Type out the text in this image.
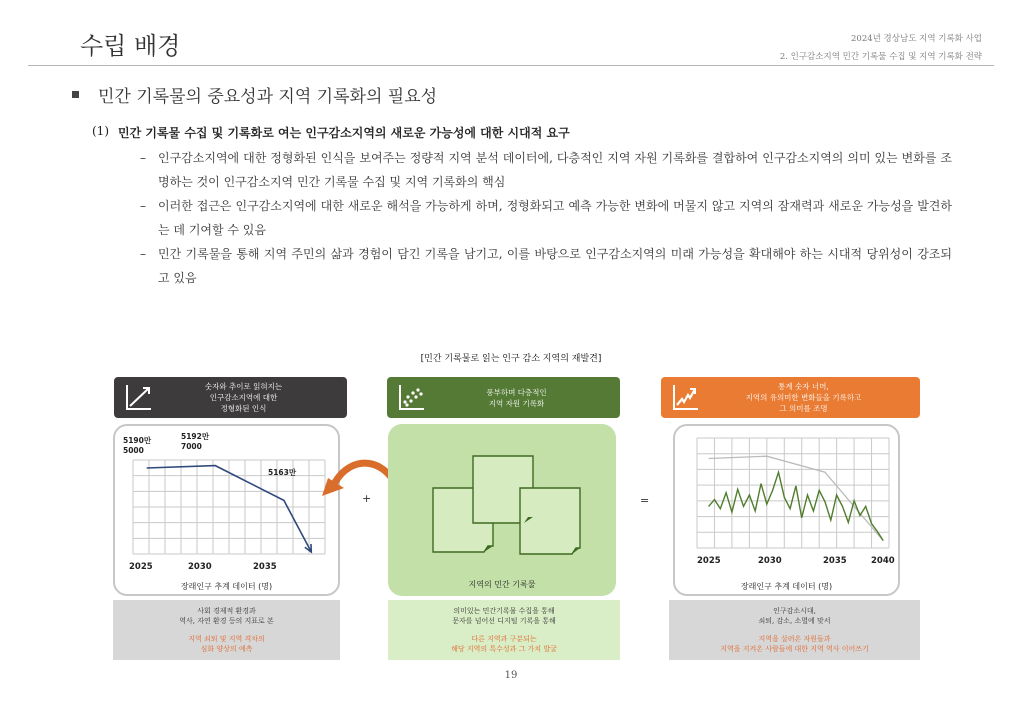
수립 배경	2024년 경상남도 지역 기록화 사업
2. 인구감소지역 민간 기록물 수집 및 지역 기록화 전략
민간 기록물의 중요성과 지역 기록화의 필요성
(1) 민간 기록물 수집 및 기록화로 여는 인구감소지역의 새로운 가능성에 대한 시대적 요구
– 인구감소지역에 대한 정형화된 인식을 보여주는 정량적 지역 분석 데이터에, 다층적인 지역 자원 기록화를 결합하여 인구감소지역의 의미 있는 변화를 조명하는 것이 인구감소지역 민간 기록물 수집 및 지역 기록화의 핵심
– 이러한 접근은 인구감소지역에 대한 새로운 해석을 가능하게 하며, 정형화되고 예측 가능한 변화에 머물지 않고 지역의 잠재력과 새로운 가능성을 발견하는 데 기여할 수 있음
– 민간 기록물을 통해 지역 주민의 삶과 경험이 담긴 기록을 남기고, 이를 바탕으로 인구감소지역의 미래 가능성을 확대해야 하는 시대적 당위성이 강조되고 있음
[민간 기록물로 읽는 인구 감소 지역의 재발견]
숫자와 추이로 읽혀지는
인구감소지역에 대한
정형화된 인식
풍부하며 다층적인
지역 자원 기록화
통계 숫자 너머,
지역의 유의미한 변화들을 기록하고
그 의미를 조명
5190만
5000
5192만
7000
5163만
2025	2030	2035
장래인구 추계 데이터 (명)
+
지역의 민간 기록물
=
2025	2030	2035	2040
장래인구 추계 데이터 (명)
사회 경제적 환경과
역사, 자연 환경 등의 지표로 본
지역 쇠퇴 및 지역 격차의
심화 양상의 예측
의미있는 민간기록물 수집을 통해
문자를 넘어선 디지털 기록을 통해
다른 지역과 구분되는
해당 지역의 특수성과 그 가치 발굴
인구감소시대,
쇠퇴, 감소, 소멸에 맞서
지역을 살려온 자원들과
지역을 지켜온 사람들에 대한 지역 역사 이어쓰기
19
